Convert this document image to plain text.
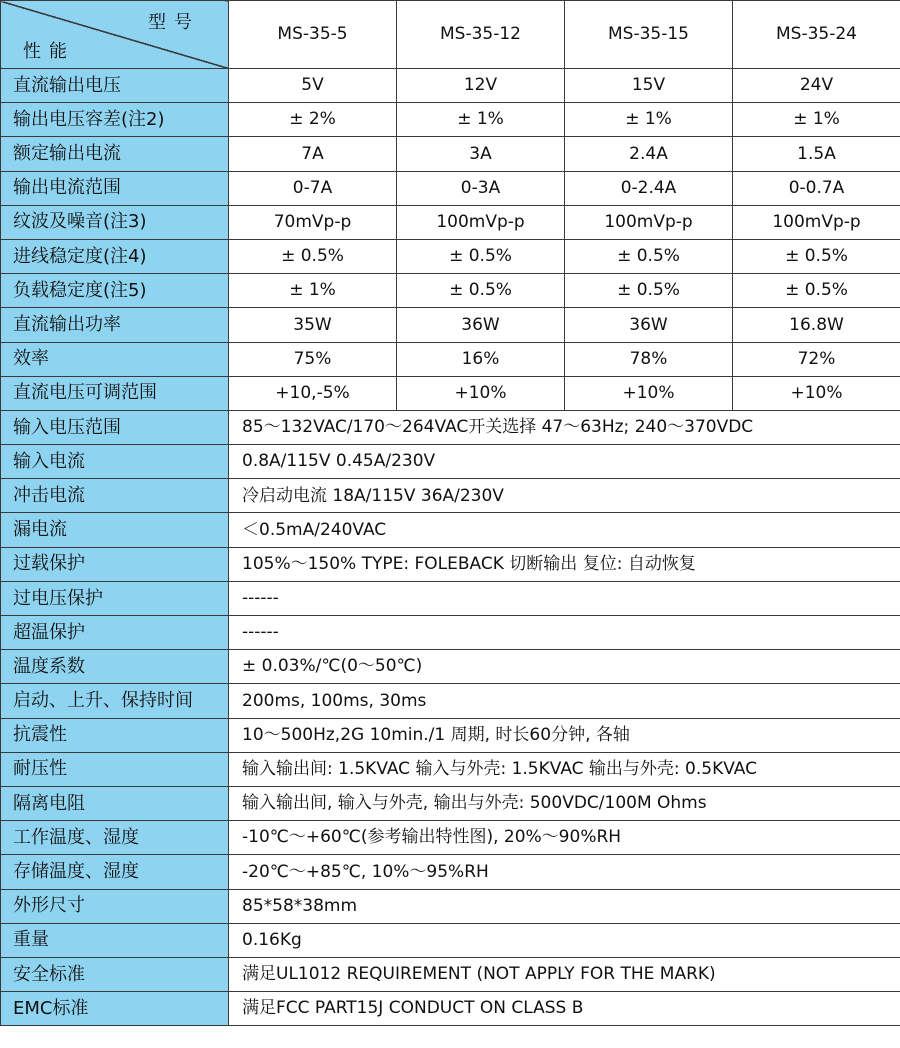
型号
性能	MS-35-5	MS-35-12	MS-35-15	MS-35-24
直流输出电压	5V	12V	15V	24V
输出电压容差(注2)	± 2%	± 1%	± 1%	± 1%
额定输出电流	7A	3A	2.4A	1.5A
输出电流范围	0-7A	0-3A	0-2.4A	0-0.7A
纹波及噪音(注3)	70mVp-p	100mVp-p	100mVp-p	100mVp-p
进线稳定度(注4)	± 0.5%	± 0.5%	± 0.5%	± 0.5%
负载稳定度(注5)	± 1%	± 0.5%	± 0.5%	± 0.5%
直流输出功率	35W	36W	36W	16.8W
效率	75%	16%	78%	72%
直流电压可调范围	+10,-5%	+10%	+10%	+10%
输入电压范围	85～132VAC/170～264VAC开关选择 47～63Hz; 240～370VDC			
输入电流	0.8A/115V 0.45A/230V			
冲击电流	冷启动电流 18A/115V 36A/230V			
漏电流	＜0.5mA/240VAC			
过载保护	105%～150% TYPE: FOLEBACK 切断输出 复位: 自动恢复			
过电压保护	------			
超温保护	------			
温度系数	± 0.03%/℃(0～50℃)			
启动、上升、保持时间	200ms, 100ms, 30ms			
抗震性	10～500Hz,2G 10min./1 周期, 时长60分钟, 各轴			
耐压性	输入输出间: 1.5KVAC 输入与外壳: 1.5KVAC 输出与外壳: 0.5KVAC			
隔离电阻	输入输出间, 输入与外壳, 输出与外壳: 500VDC/100M Ohms			
工作温度、湿度	-10℃～+60℃(参考输出特性图), 20%～90%RH			
存储温度、湿度	-20℃～+85℃, 10%～95%RH			
外形尺寸	85*58*38mm			
重量	0.16Kg			
安全标准	满足UL1012 REQUIREMENT (NOT APPLY FOR THE MARK)			
EMC标准	满足FCC PART15J CONDUCT ON CLASS B			
